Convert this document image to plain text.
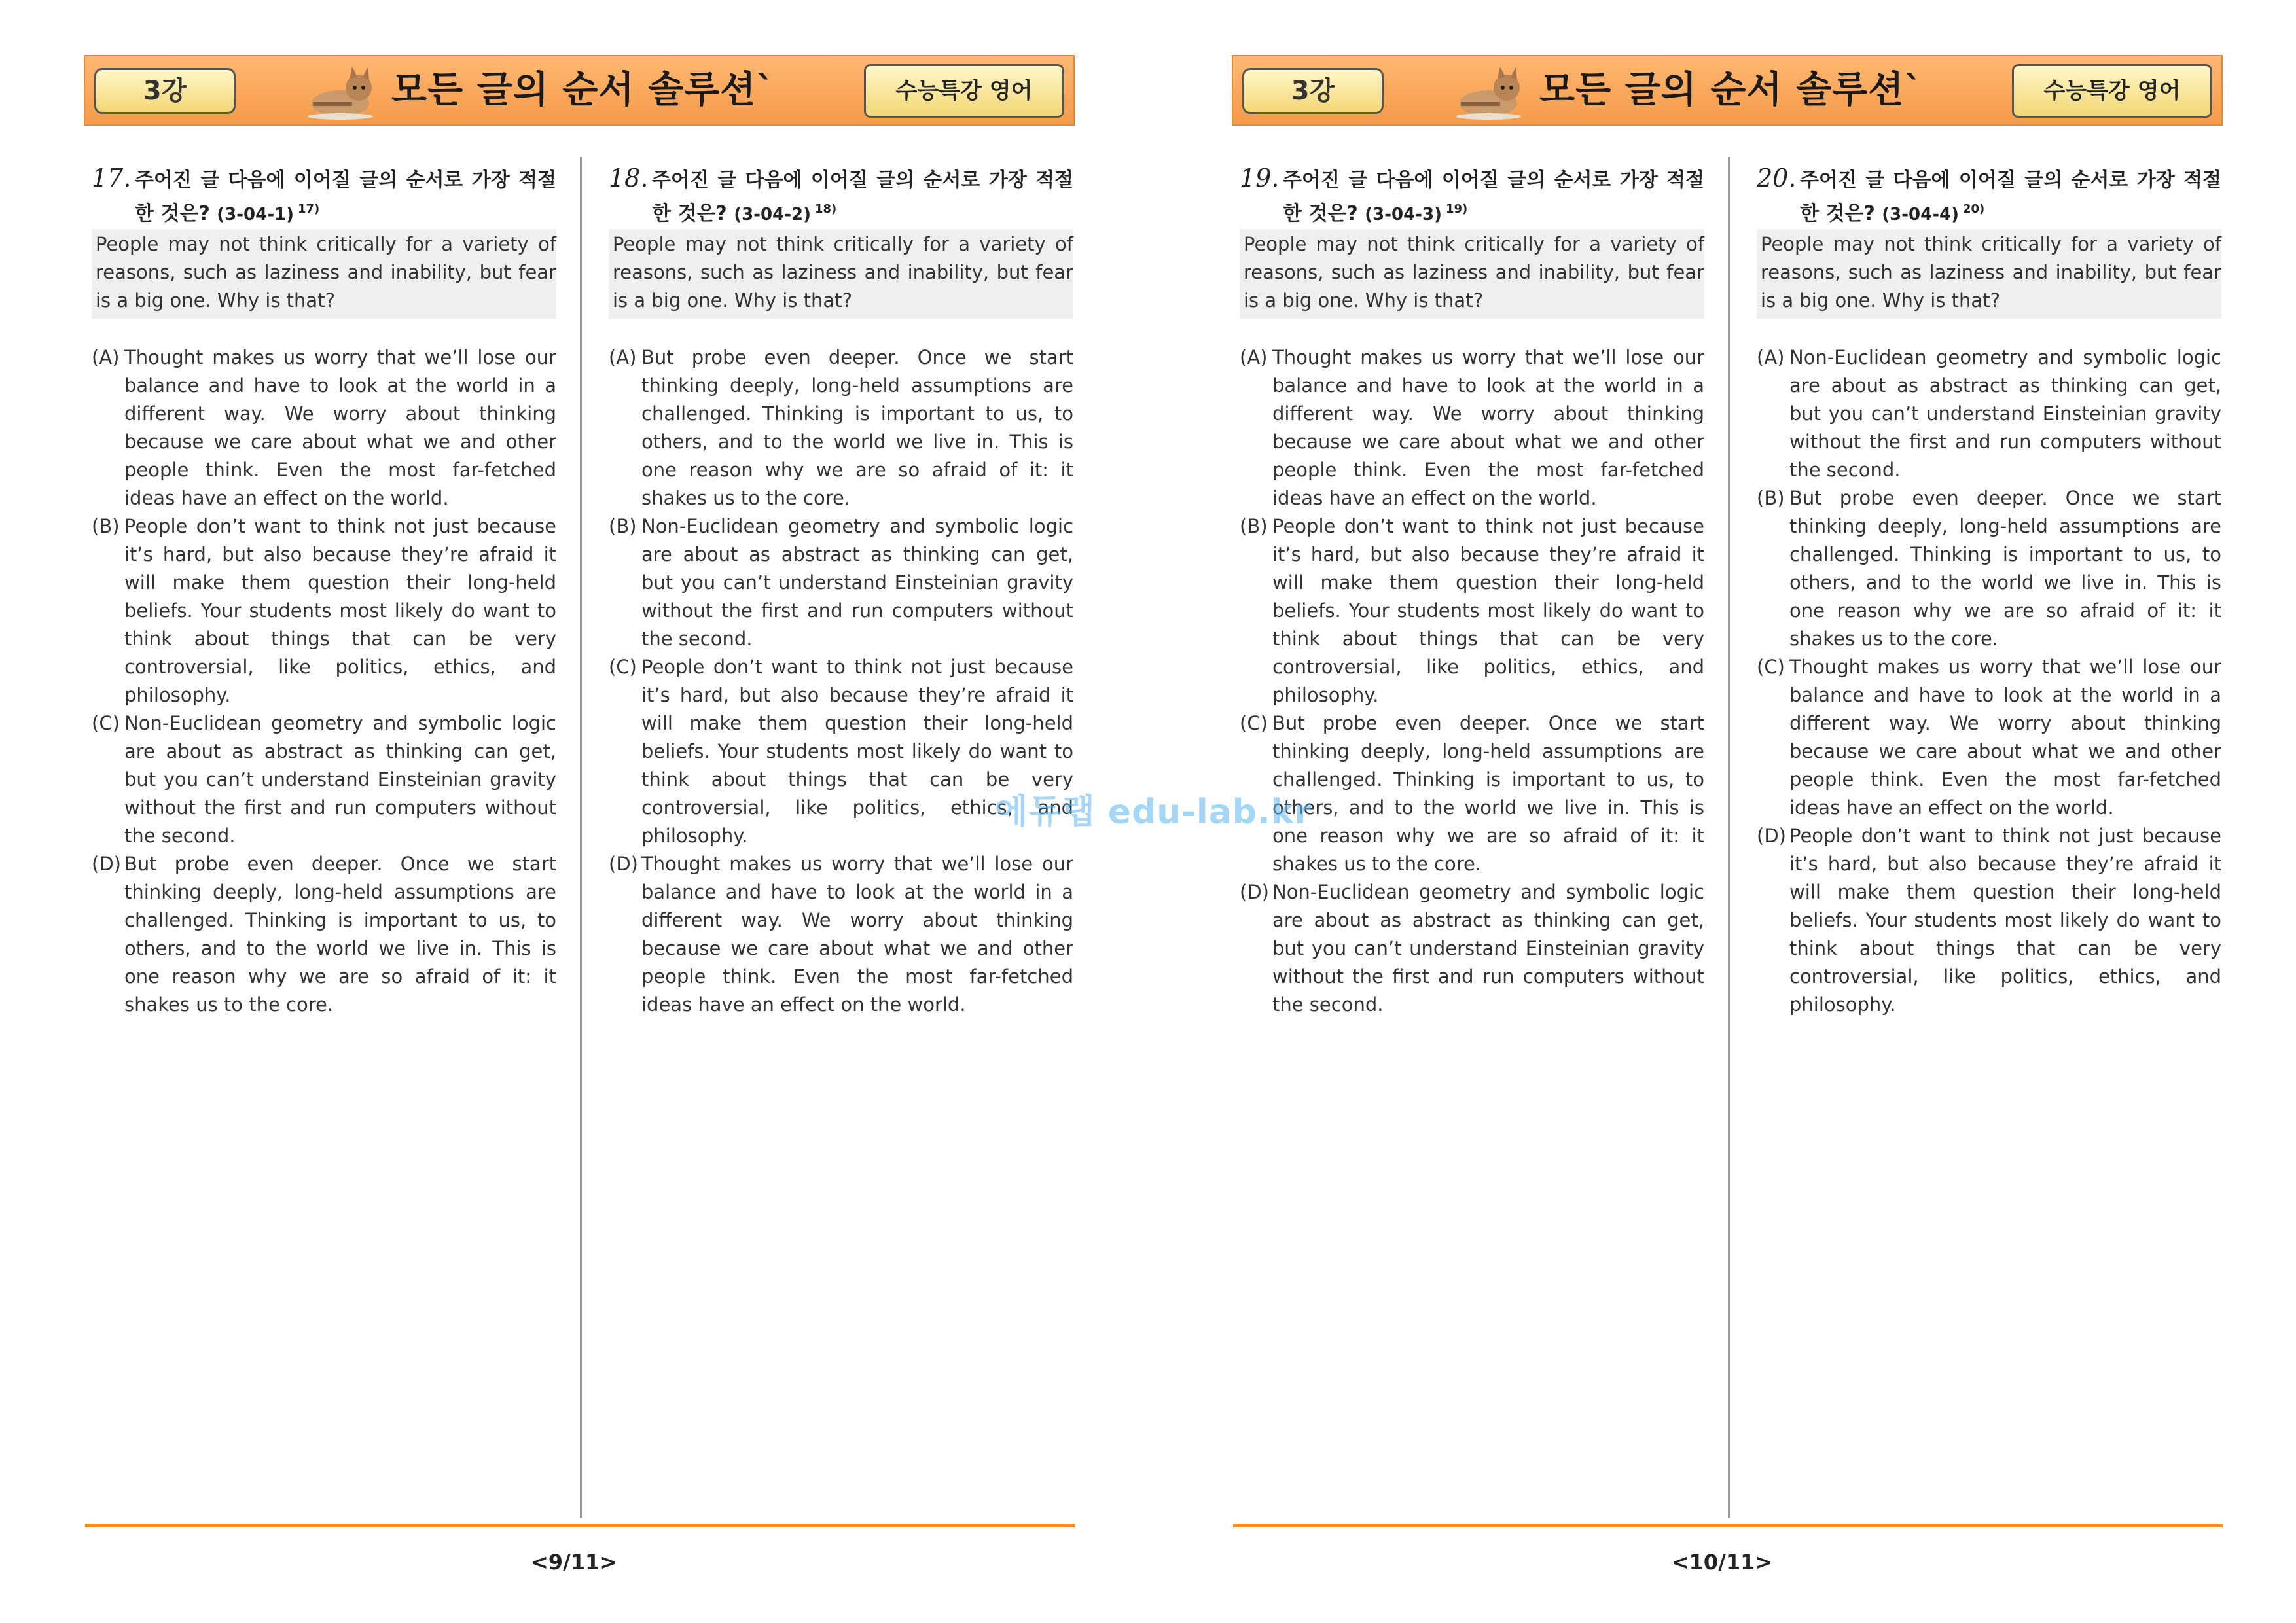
3강	모든 글의 순서 솔루션`	수능특강 영어
17. 주어진 글 다음에 이어질 글의 순서로 가장 적절한 것은? (3-04-1) $^{17)}$
People may not think critically for a variety of reasons, such as laziness and inability, but fear is a big one. Why is that?
(A) Thought makes us worry that we’ll lose our balance and have to look at the world in a different way. We worry about thinking because we care about what we and other people think. Even the most far-fetched ideas have an effect on the world.
(B) People don’t want to think not just because it’s hard, but also because they’re afraid it will make them question their long-held beliefs. Your students most likely do want to think about things that can be very controversial, like politics, ethics, and philosophy.
(C) Non-Euclidean geometry and symbolic logic are about as abstract as thinking can get, but you can’t understand Einsteinian gravity without the first and run computers without the second.
(D) But probe even deeper. Once we start thinking deeply, long-held assumptions are challenged. Thinking is important to us, to others, and to the world we live in. This is one reason why we are so afraid of it: it shakes us to the core.
18. 주어진 글 다음에 이어질 글의 순서로 가장 적절한 것은? (3-04-2) $^{18)}$
People may not think critically for a variety of reasons, such as laziness and inability, but fear is a big one. Why is that?
(A) But probe even deeper. Once we start thinking deeply, long-held assumptions are challenged. Thinking is important to us, to others, and to the world we live in. This is one reason why we are so afraid of it: it shakes us to the core.
(B) Non-Euclidean geometry and symbolic logic are about as abstract as thinking can get, but you can’t understand Einsteinian gravity without the first and run computers without the second.
(C) People don’t want to think not just because it’s hard, but also because they’re afraid it will make them question their long-held beliefs. Your students most likely do want to think about things that can be very controversial, like politics, ethics, and philosophy.
(D) Thought makes us worry that we’ll lose our balance and have to look at the world in a different way. We worry about thinking because we care about what we and other people think. Even the most far-fetched ideas have an effect on the world.
<9/11>
3강	모든 글의 순서 솔루션`	수능특강 영어
19. 주어진 글 다음에 이어질 글의 순서로 가장 적절한 것은? (3-04-3) $^{19)}$
People may not think critically for a variety of reasons, such as laziness and inability, but fear is a big one. Why is that?
(A) Thought makes us worry that we’ll lose our balance and have to look at the world in a different way. We worry about thinking because we care about what we and other people think. Even the most far-fetched ideas have an effect on the world.
(B) People don’t want to think not just because it’s hard, but also because they’re afraid it will make them question their long-held beliefs. Your students most likely do want to think about things that can be very controversial, like politics, ethics, and philosophy.
(C) But probe even deeper. Once we start thinking deeply, long-held assumptions are challenged. Thinking is important to us, to others, and to the world we live in. This is one reason why we are so afraid of it: it shakes us to the core.
(D) Non-Euclidean geometry and symbolic logic are about as abstract as thinking can get, but you can’t understand Einsteinian gravity without the first and run computers without the second.
20. 주어진 글 다음에 이어질 글의 순서로 가장 적절한 것은? (3-04-4) $^{20)}$
People may not think critically for a variety of reasons, such as laziness and inability, but fear is a big one. Why is that?
(A) Non-Euclidean geometry and symbolic logic are about as abstract as thinking can get, but you can’t understand Einsteinian gravity without the first and run computers without the second.
(B) But probe even deeper. Once we start thinking deeply, long-held assumptions are challenged. Thinking is important to us, to others, and to the world we live in. This is one reason why we are so afraid of it: it shakes us to the core.
(C) Thought makes us worry that we’ll lose our balance and have to look at the world in a different way. We worry about thinking because we care about what we and other people think. Even the most far-fetched ideas have an effect on the world.
(D) People don’t want to think not just because it’s hard, but also because they’re afraid it will make them question their long-held beliefs. Your students most likely do want to think about things that can be very controversial, like politics, ethics, and philosophy.
<10/11>
에듀랩 edu-lab.kr
